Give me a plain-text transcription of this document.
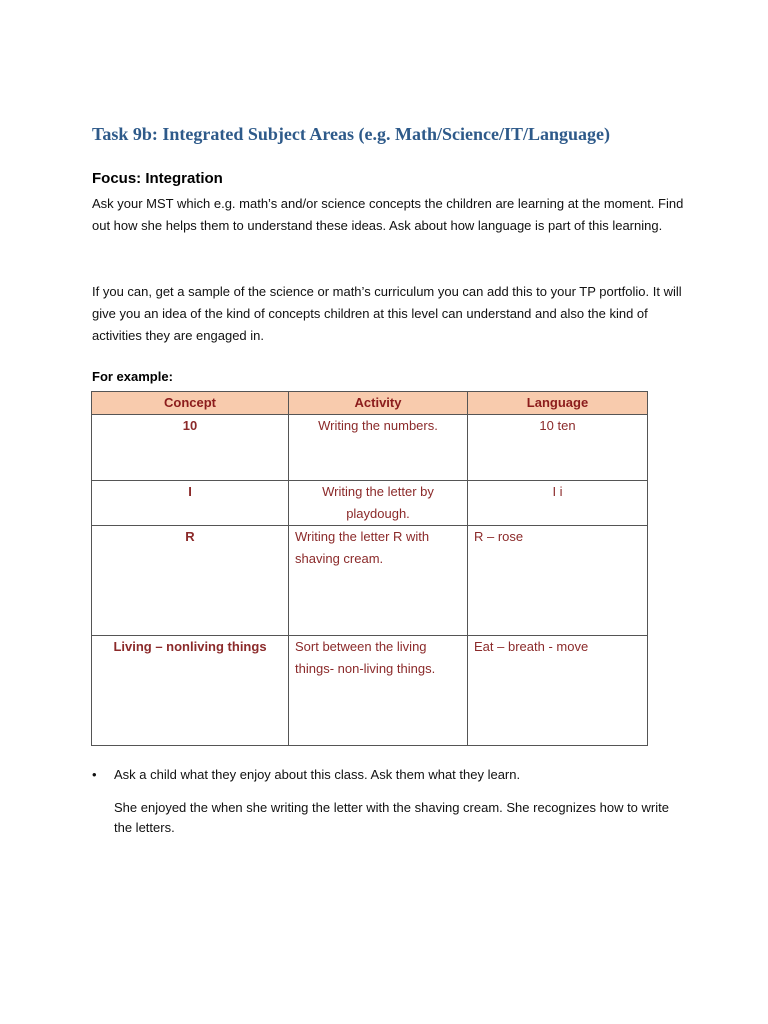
Task 9b: Integrated Subject Areas (e.g. Math/Science/IT/Language)
Focus: Integration
Ask your MST which e.g. math’s and/or science concepts the children are learning at the moment. Find out how she helps them to understand these ideas. Ask about how language is part of this learning.
If you can, get a sample of the science or math’s curriculum you can add this to your TP portfolio. It will give you an idea of the kind of concepts children at this level can understand and also the kind of activities they are engaged in.
For example:
Concept	Activity	Language
10	Writing the numbers.	10 ten
I	Writing the letter by playdough.	I i
R	Writing the letter R with shaving cream.	R – rose
Living – nonliving things	Sort between the living things- non-living things.	Eat – breath - move
• Ask a child what they enjoy about this class. Ask them what they learn.
She enjoyed the when she writing the letter with the shaving cream. She recognizes how to write the letters.
